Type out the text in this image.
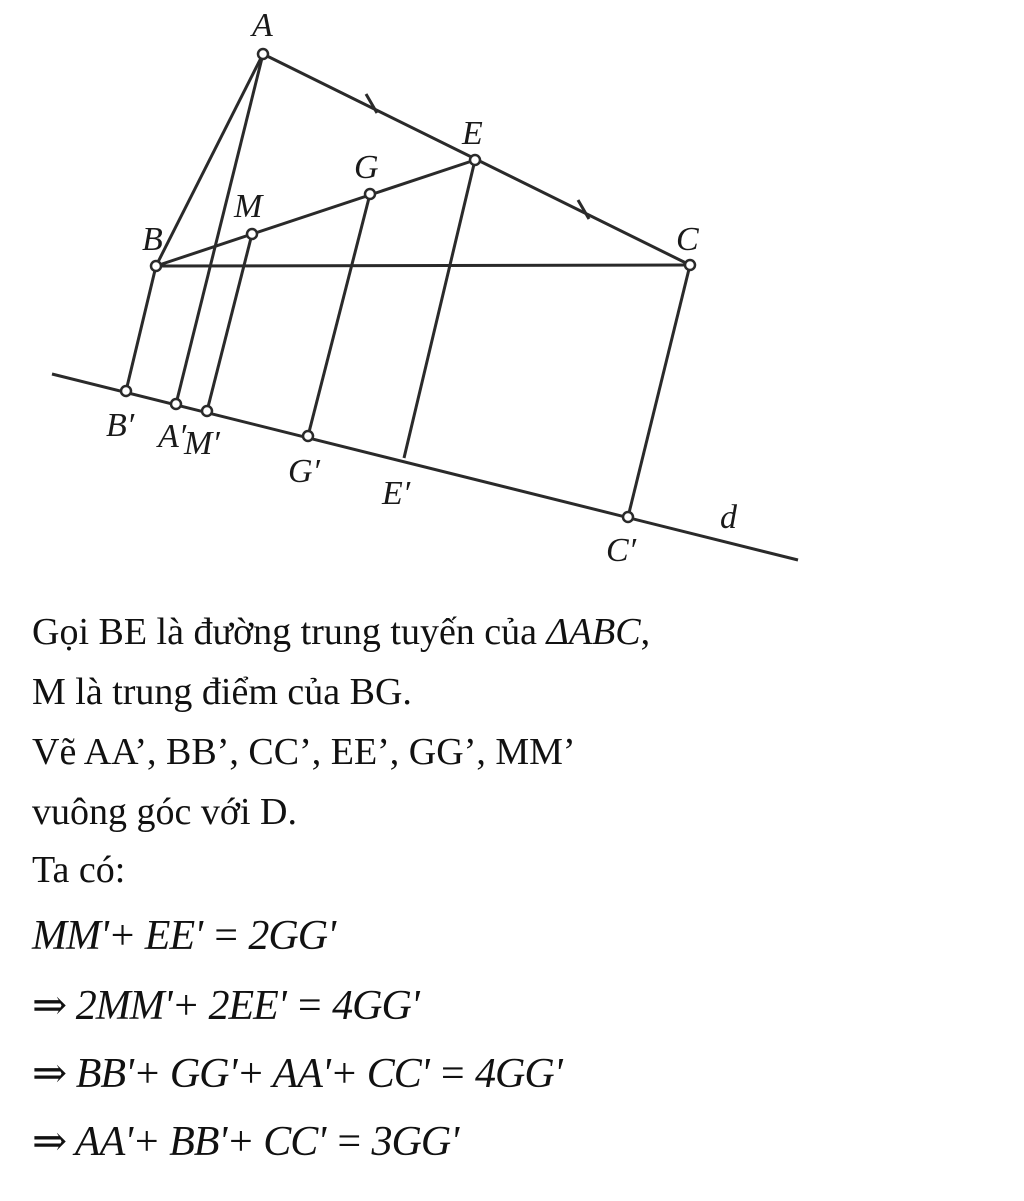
A
E
G
M
B	C
B′ A′
M′
G′
E′
C′
d
Gọi BE là đường trung tuyến của ΔABC,
M là trung điểm của BG.
Vẽ AA’, BB’, CC’, EE’, GG’, MM’
vuông góc với D.
Ta có:
MM'+ EE' = 2GG'
⇒ 2MM'+ 2EE' = 4GG'
⇒ BB'+ GG'+ AA'+ CC' = 4GG'
⇒ AA'+ BB'+ CC' = 3GG'
